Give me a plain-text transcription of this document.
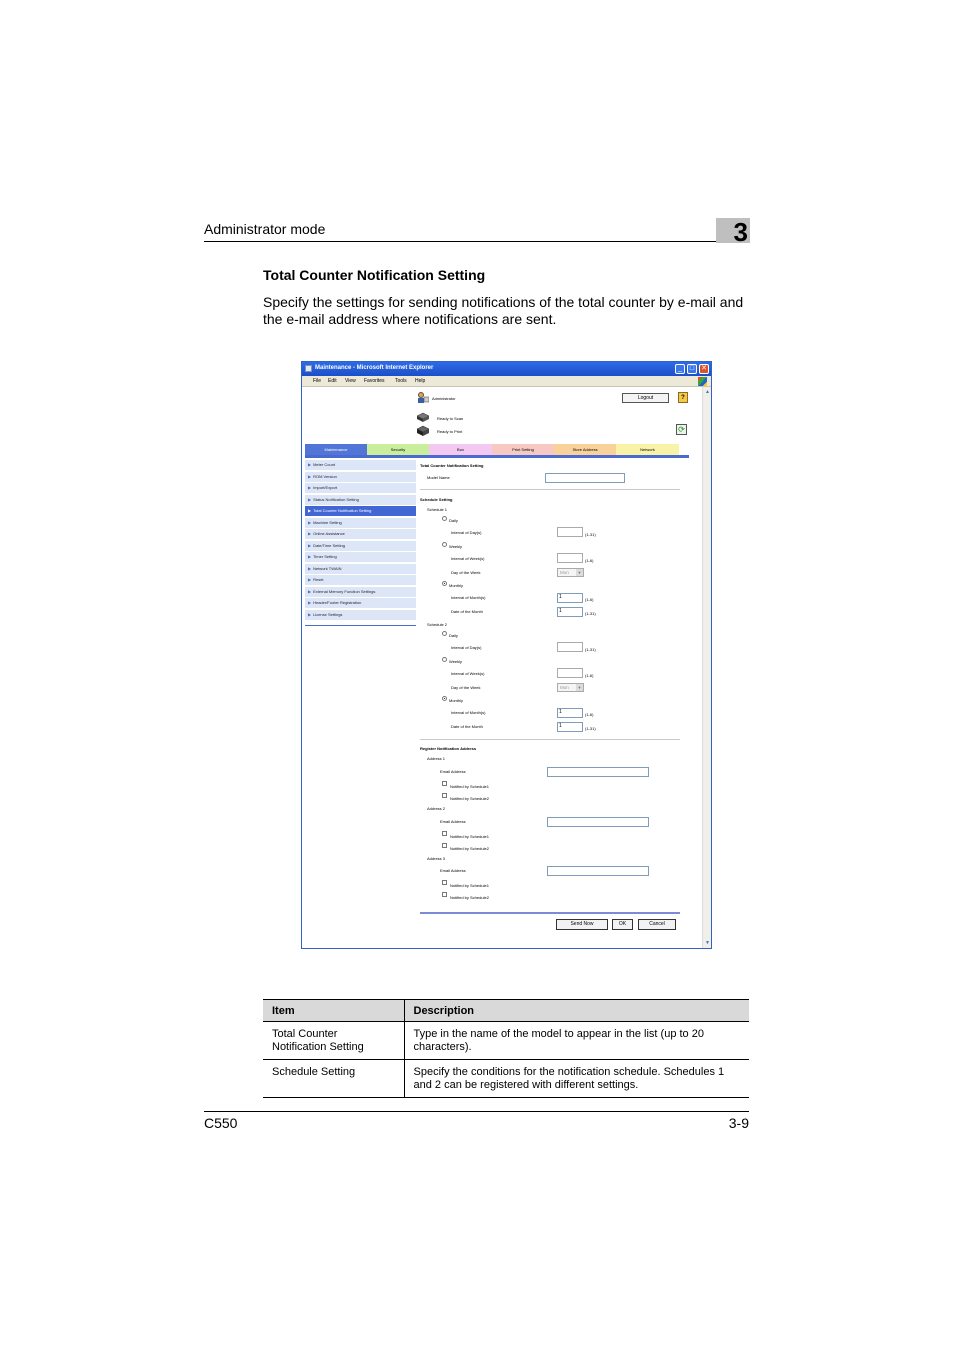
Administrator mode	3
Total Counter Notification Setting
Specify the settings for sending notifications of the total counter by e-mail and the e-mail address where notifications are sent.
Maintenance - Microsoft Internet Explorer	_	□ ✕
File Edit View Favorites Tools Help
Administrator	Logout	?
Ready to Scan
Ready to Print	⟳
Maintenance	Security	Box	Print Setting	Store Address	Network
▶ Meter Count
▶ ROM Version
▶ Import/Export
▶ Status Notification Setting
▶ Total Counter Notification Setting
▶ Machine Setting
▶ Online Assistance
▶ Date/Time Setting
▶ Timer Setting
▶ Network TWAIN
▶ Reset
▶ External Memory Function Settings
▶ Header/Footer Registration
▶ License Settings
Total Counter Notification Setting
Model Name
Schedule Setting
Schedule 1
Daily
Interval of Day(s)	(1-31)
Weekly
Interval of Week(s)	(1-6)
Day of the Week	Mon	▼
Monthly
Interval of Month(s)	1	(1-6)
Date of the Month	1	(1-31)
Schedule 2
Daily
Interval of Day(s)	(1-31)
Weekly
Interval of Week(s)	(1-6)
Day of the Week	Mon	▼
Monthly
Interval of Month(s)	1	(1-6)
Date of the Month	1	(1-31)
Register Notification Address
Address 1
Email Address
Notified by Schedule1
Notified by Schedule2
Address 2
Email Address
Notified by Schedule1
Notified by Schedule2
Address 3
Email Address
Notified by Schedule1
Notified by Schedule2
Send Now	OK	Cancel
▲
▼
Item	Description
Total Counter Notification Setting	Type in the name of the model to appear in the list (up to 20 characters).
Schedule Setting	Specify the conditions for the notification schedule. Schedules 1 and 2 can be registered with different settings.
C550	3-9
